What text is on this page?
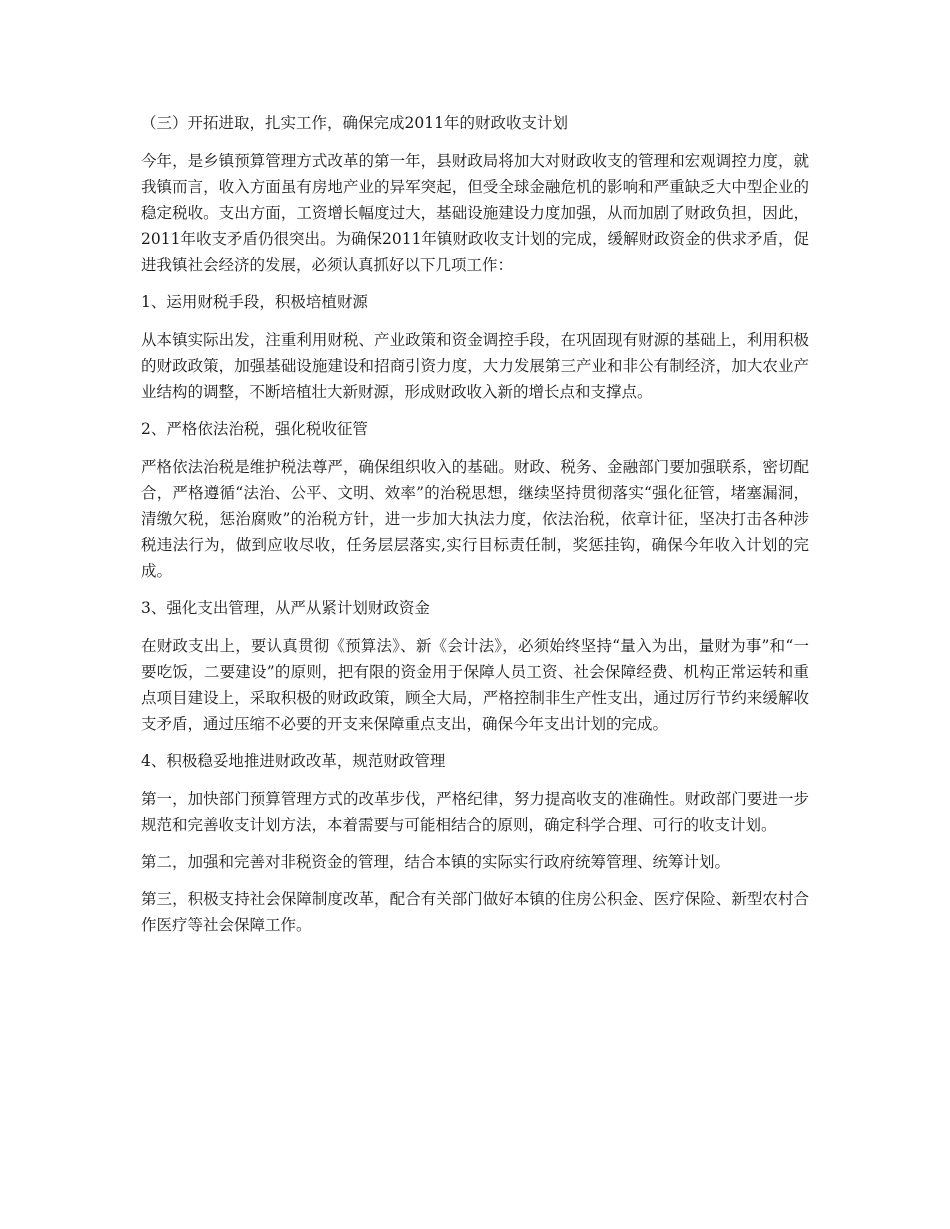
（三）开拓进取，扎实工作，确保完成2011年的财政收支计划

今年，是乡镇预算管理方式改革的第一年，县财政局将加大对财政收支的管理和宏观调控力度，就我镇而言，收入方面虽有房地产业的异军突起，但受全球金融危机的影响和严重缺乏大中型企业的稳定税收。支出方面，工资增长幅度过大，基础设施建设力度加强，从而加剧了财政负担，因此，2011年收支矛盾仍很突出。为确保2011年镇财政收支计划的完成，缓解财政资金的供求矛盾，促进我镇社会经济的发展，必须认真抓好以下几项工作：

1、运用财税手段，积极培植财源

从本镇实际出发，注重利用财税、产业政策和资金调控手段，在巩固现有财源的基础上，利用积极的财政政策，加强基础设施建设和招商引资力度，大力发展第三产业和非公有制经济，加大农业产业结构的调整，不断培植壮大新财源，形成财政收入新的增长点和支撑点。

2、严格依法治税，强化税收征管

严格依法治税是维护税法尊严，确保组织收入的基础。财政、税务、金融部门要加强联系，密切配合，严格遵循“法治、公平、文明、效率”的治税思想，继续坚持贯彻落实“强化征管，堵塞漏洞，清缴欠税，惩治腐败”的治税方针，进一步加大执法力度，依法治税，依章计征，坚决打击各种涉税违法行为，做到应收尽收，任务层层落实,实行目标责任制，奖惩挂钩，确保今年收入计划的完成。

3、强化支出管理，从严从紧计划财政资金

在财政支出上，要认真贯彻《预算法》、新《会计法》，必须始终坚持“量入为出，量财为事”和“一要吃饭，二要建设”的原则，把有限的资金用于保障人员工资、社会保障经费、机构正常运转和重点项目建设上，采取积极的财政政策，顾全大局，严格控制非生产性支出，通过厉行节约来缓解收支矛盾，通过压缩不必要的开支来保障重点支出，确保今年支出计划的完成。

4、积极稳妥地推进财政改革，规范财政管理

第一，加快部门预算管理方式的改革步伐，严格纪律，努力提高收支的准确性。财政部门要进一步规范和完善收支计划方法，本着需要与可能相结合的原则，确定科学合理、可行的收支计划。

第二，加强和完善对非税资金的管理，结合本镇的实际实行政府统筹管理、统筹计划。

第三，积极支持社会保障制度改革，配合有关部门做好本镇的住房公积金、医疗保险、新型农村合作医疗等社会保障工作。
